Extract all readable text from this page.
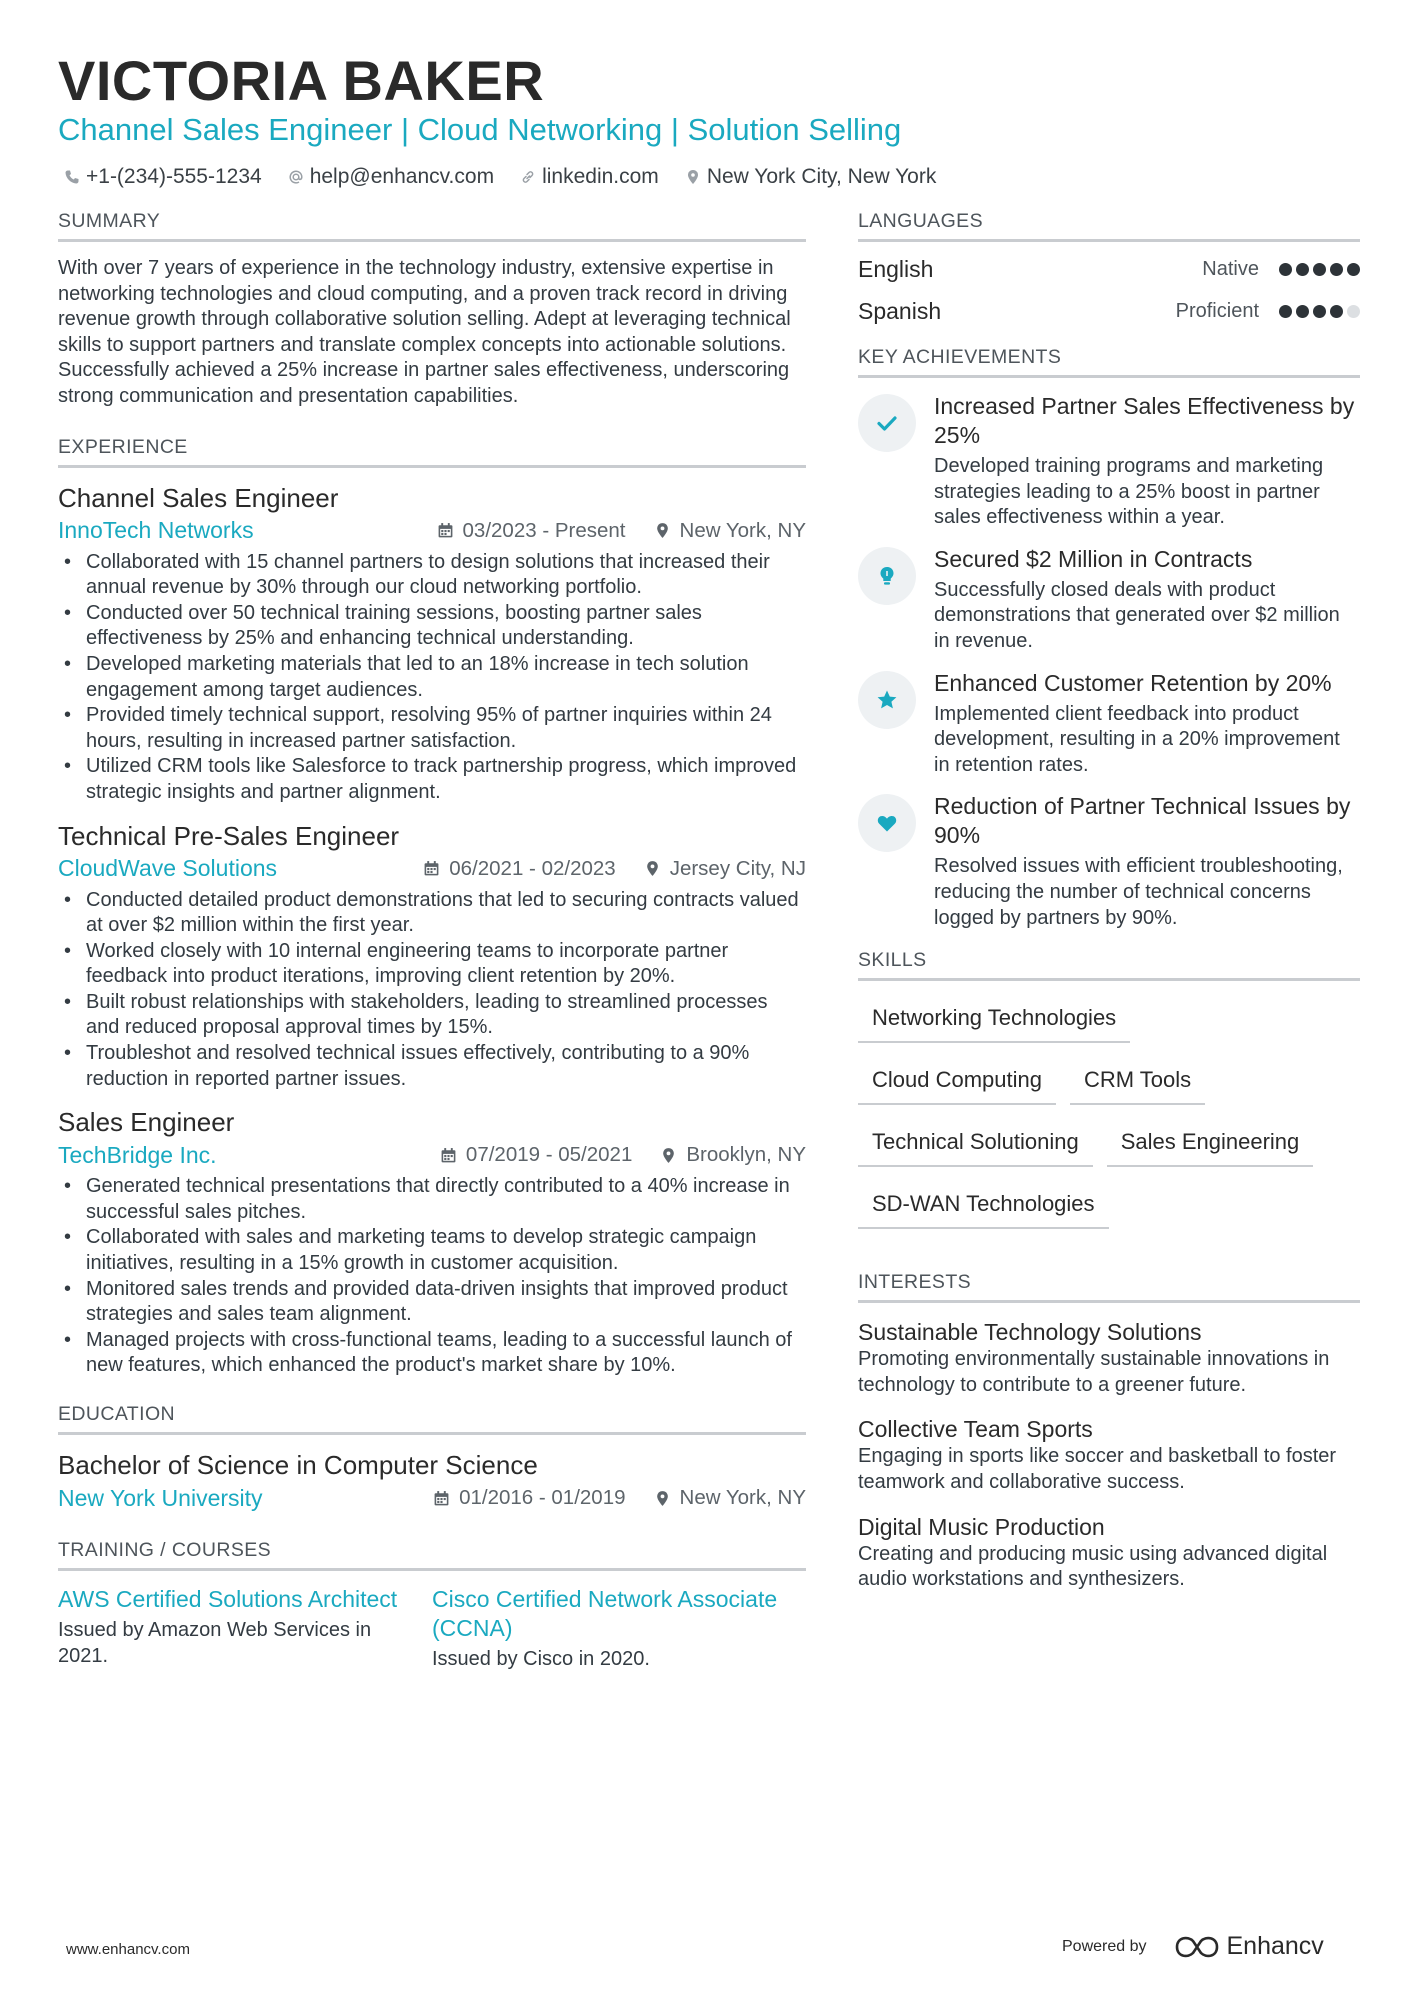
VICTORIA BAKER
Channel Sales Engineer | Cloud Networking | Solution Selling
+1-(234)-555-1234 help@enhancv.com linkedin.com New York City, New York
SUMMARY
With over 7 years of experience in the technology industry, extensive expertise in networking technologies and cloud computing, and a proven track record in driving revenue growth through collaborative solution selling. Adept at leveraging technical skills to support partners and translate complex concepts into actionable solutions. Successfully achieved a 25% increase in partner sales effectiveness, underscoring strong communication and presentation capabilities.
EXPERIENCE
Channel Sales Engineer
InnoTech Networks	03/2023 - Present	New York, NY
• Collaborated with 15 channel partners to design solutions that increased their annual revenue by 30% through our cloud networking portfolio.
• Conducted over 50 technical training sessions, boosting partner sales effectiveness by 25% and enhancing technical understanding.
• Developed marketing materials that led to an 18% increase in tech solution engagement among target audiences.
• Provided timely technical support, resolving 95% of partner inquiries within 24 hours, resulting in increased partner satisfaction.
• Utilized CRM tools like Salesforce to track partnership progress, which improved strategic insights and partner alignment.
Technical Pre-Sales Engineer
CloudWave Solutions	06/2021 - 02/2023	Jersey City, NJ
• Conducted detailed product demonstrations that led to securing contracts valued at over $2 million within the first year.
• Worked closely with 10 internal engineering teams to incorporate partner feedback into product iterations, improving client retention by 20%.
• Built robust relationships with stakeholders, leading to streamlined processes and reduced proposal approval times by 15%.
• Troubleshot and resolved technical issues effectively, contributing to a 90% reduction in reported partner issues.
Sales Engineer
TechBridge Inc.	07/2019 - 05/2021	Brooklyn, NY
• Generated technical presentations that directly contributed to a 40% increase in successful sales pitches.
• Collaborated with sales and marketing teams to develop strategic campaign initiatives, resulting in a 15% growth in customer acquisition.
• Monitored sales trends and provided data-driven insights that improved product strategies and sales team alignment.
• Managed projects with cross-functional teams, leading to a successful launch of new features, which enhanced the product's market share by 10%.
EDUCATION
Bachelor of Science in Computer Science
New York University	01/2016 - 01/2019	New York, NY
TRAINING / COURSES
AWS Certified Solutions Architect
Issued by Amazon Web Services in 2021.
Cisco Certified Network Associate (CCNA)
Issued by Cisco in 2020.
LANGUAGES
English	Native
Spanish	Proficient
KEY ACHIEVEMENTS
Increased Partner Sales Effectiveness by 25%
Developed training programs and marketing strategies leading to a 25% boost in partner sales effectiveness within a year.
Secured $2 Million in Contracts
Successfully closed deals with product demonstrations that generated over $2 million in revenue.
Enhanced Customer Retention by 20%
Implemented client feedback into product development, resulting in a 20% improvement in retention rates.
Reduction of Partner Technical Issues by 90%
Resolved issues with efficient troubleshooting, reducing the number of technical concerns logged by partners by 90%.
SKILLS
Networking Technologies
Cloud Computing	CRM Tools
Technical Solutioning	Sales Engineering
SD-WAN Technologies
INTERESTS
Sustainable Technology Solutions
Promoting environmentally sustainable innovations in technology to contribute to a greener future.
Collective Team Sports
Engaging in sports like soccer and basketball to foster teamwork and collaborative success.
Digital Music Production
Creating and producing music using advanced digital audio workstations and synthesizers.
www.enhancv.com	Powered by	Enhancv
